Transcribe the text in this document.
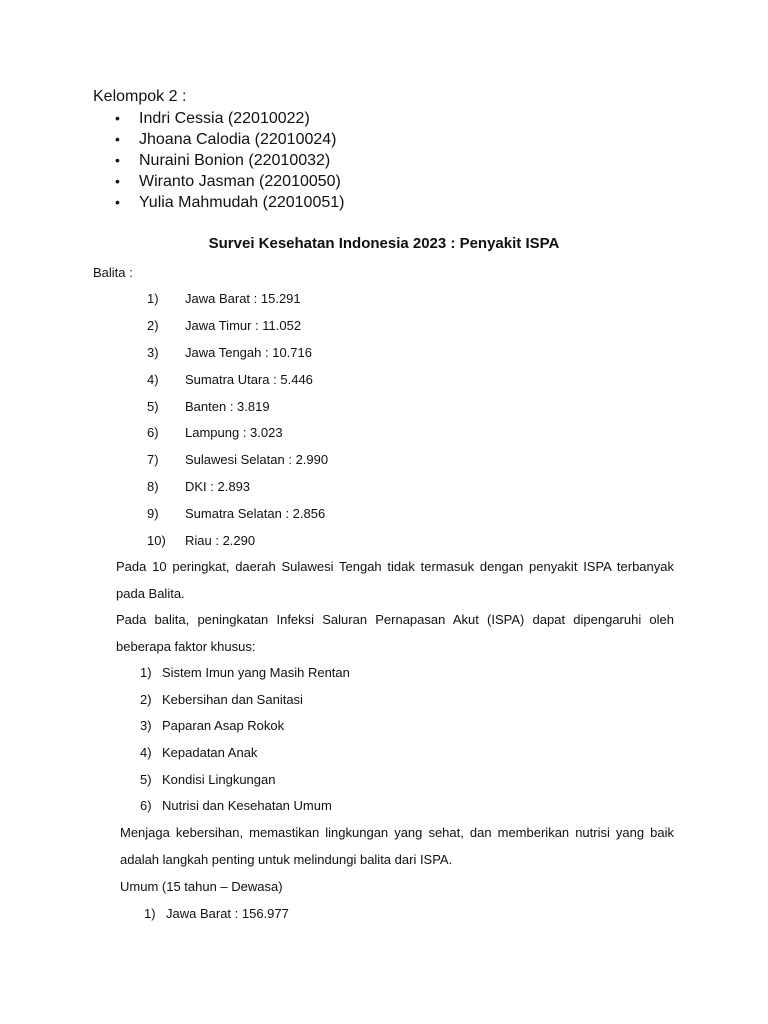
Kelompok 2 :
• Indri Cessia (22010022)
• Jhoana Calodia (22010024)
• Nuraini Bonion (22010032)
• Wiranto Jasman (22010050)
• Yulia Mahmudah (22010051)
Survei Kesehatan Indonesia 2023 : Penyakit ISPA
Balita :
1) Jawa Barat : 15.291
2) Jawa Timur : 11.052
3) Jawa Tengah : 10.716
4) Sumatra Utara : 5.446
5) Banten : 3.819
6) Lampung : 3.023
7) Sulawesi Selatan : 2.990
8) DKI : 2.893
9) Sumatra Selatan : 2.856
10) Riau : 2.290

Pada 10 peringkat, daerah Sulawesi Tengah tidak termasuk dengan penyakit ISPA terbanyak pada Balita.

Pada balita, peningkatan Infeksi Saluran Pernapasan Akut (ISPA) dapat dipengaruhi oleh beberapa faktor khusus:

1) Sistem Imun yang Masih Rentan
2) Kebersihan dan Sanitasi
3) Paparan Asap Rokok
4) Kepadatan Anak
5) Kondisi Lingkungan
6) Nutrisi dan Kesehatan Umum

Menjaga kebersihan, memastikan lingkungan yang sehat, dan memberikan nutrisi yang baik adalah langkah penting untuk melindungi balita dari ISPA.

Umum (15 tahun – Dewasa)
1) Jawa Barat : 156.977
